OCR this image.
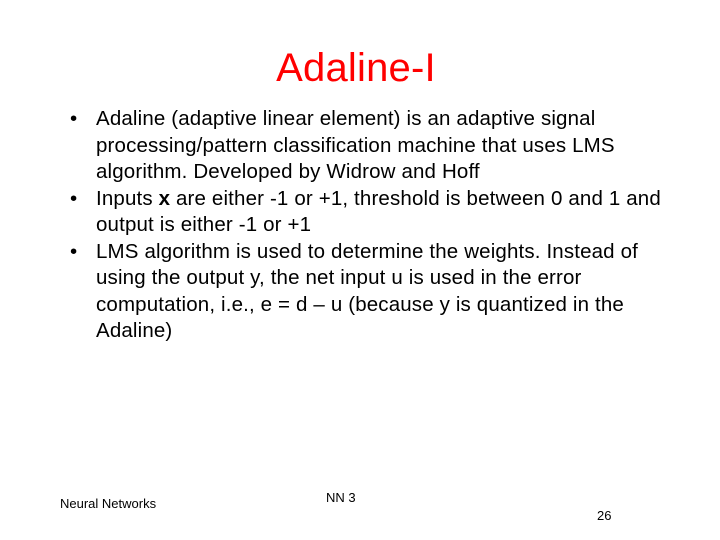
Adaline-I
• Adaline (adaptive linear element) is an adaptive signal processing/pattern classification machine that uses LMS algorithm. Developed by Widrow and Hoff
• Inputs x are either -1 or +1, threshold is between 0 and 1 and output is either -1 or +1
• LMS algorithm is used to determine the weights. Instead of using the output y, the net input u is used in the error computation, i.e., e = d – u (because y is quantized in the Adaline)
Neural Networks	NN 3
26
